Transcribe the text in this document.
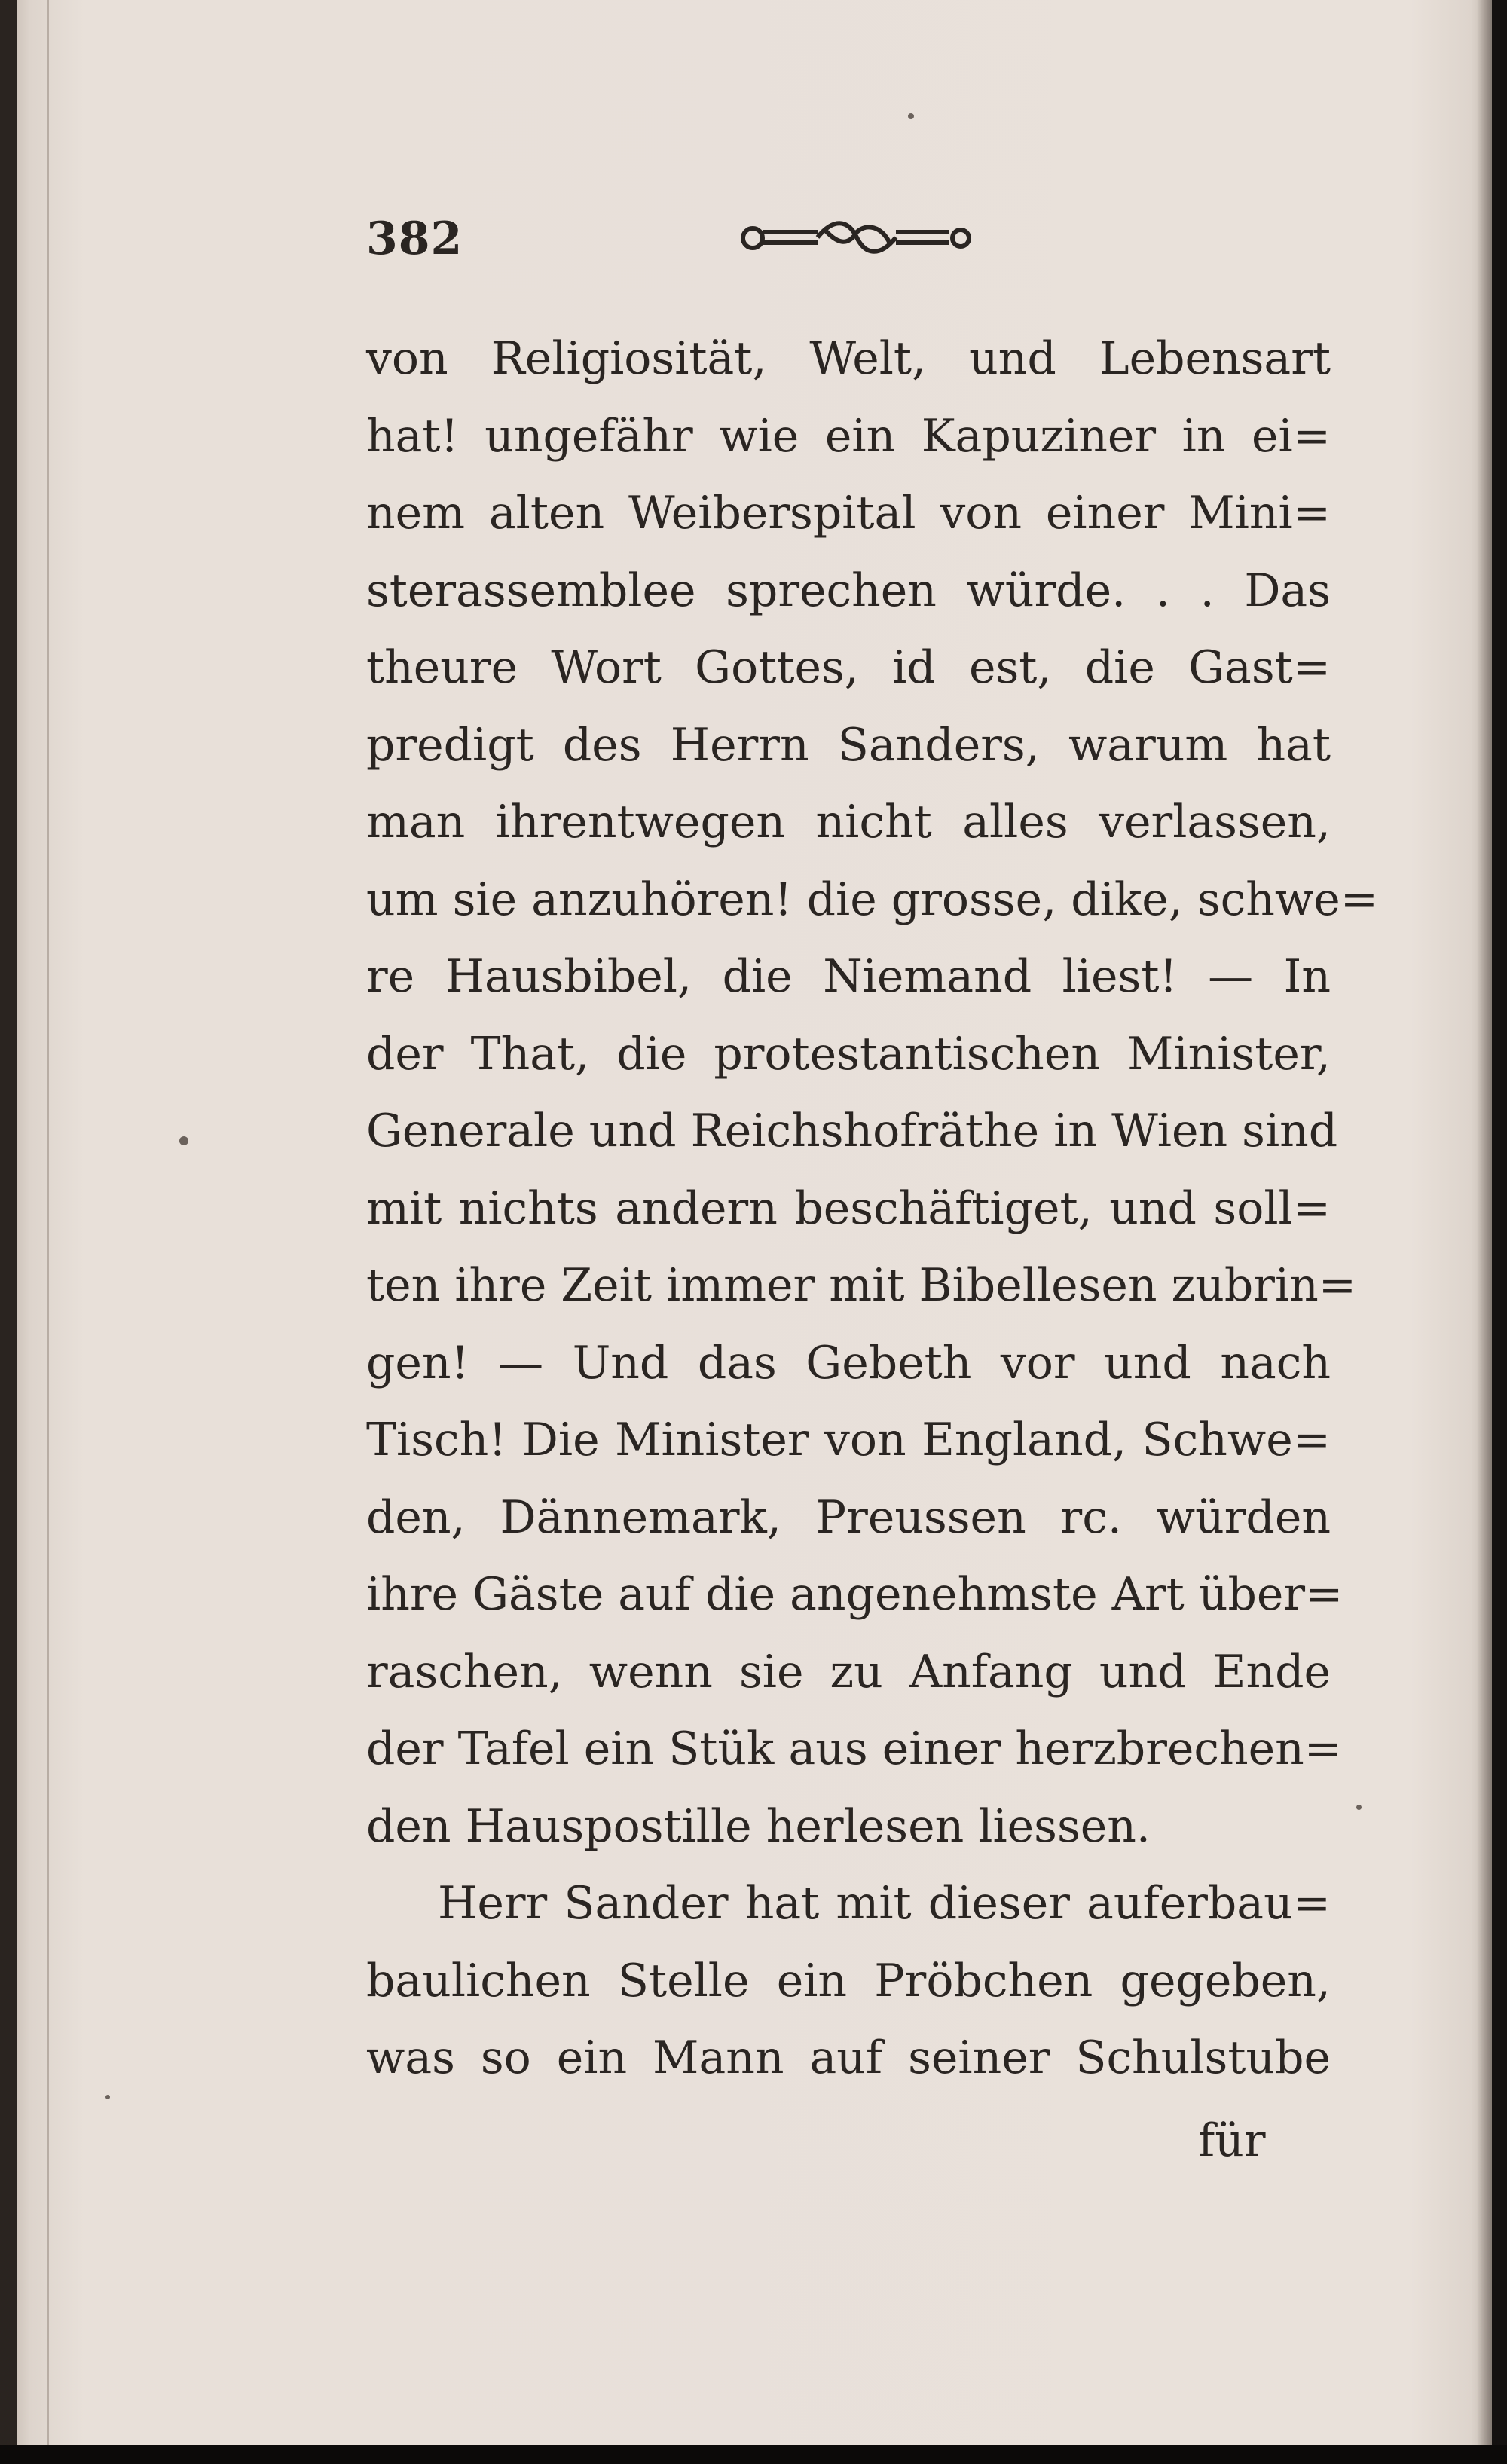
382
von Religiosität, Welt, und Lebensart
hat! ungefähr wie ein Kapuziner in ei=
nem alten Weiberspital von einer Mini=
sterassemblee sprechen würde. . . Das
theure Wort Gottes, id est, die Gast=
predigt des Herrn Sanders, warum hat
man ihrentwegen nicht alles verlassen,
um sie anzuhören! die grosse, dike, schwe=
re Hausbibel, die Niemand liest! — In
der That, die protestantischen Minister,
Generale und Reichshofräthe in Wien sind
mit nichts andern beschäftiget, und soll=
ten ihre Zeit immer mit Bibellesen zubrin=
gen! — Und das Gebeth vor und nach
Tisch! Die Minister von England, Schwe=
den, Dännemark, Preussen rc. würden
ihre Gäste auf die angenehmste Art über=
raschen, wenn sie zu Anfang und Ende
der Tafel ein Stük aus einer herzbrechen=
den Hauspostille herlesen liessen.
Herr Sander hat mit dieser auferbau=
baulichen Stelle ein Pröbchen gegeben,
was so ein Mann auf seiner Schulstube
für
